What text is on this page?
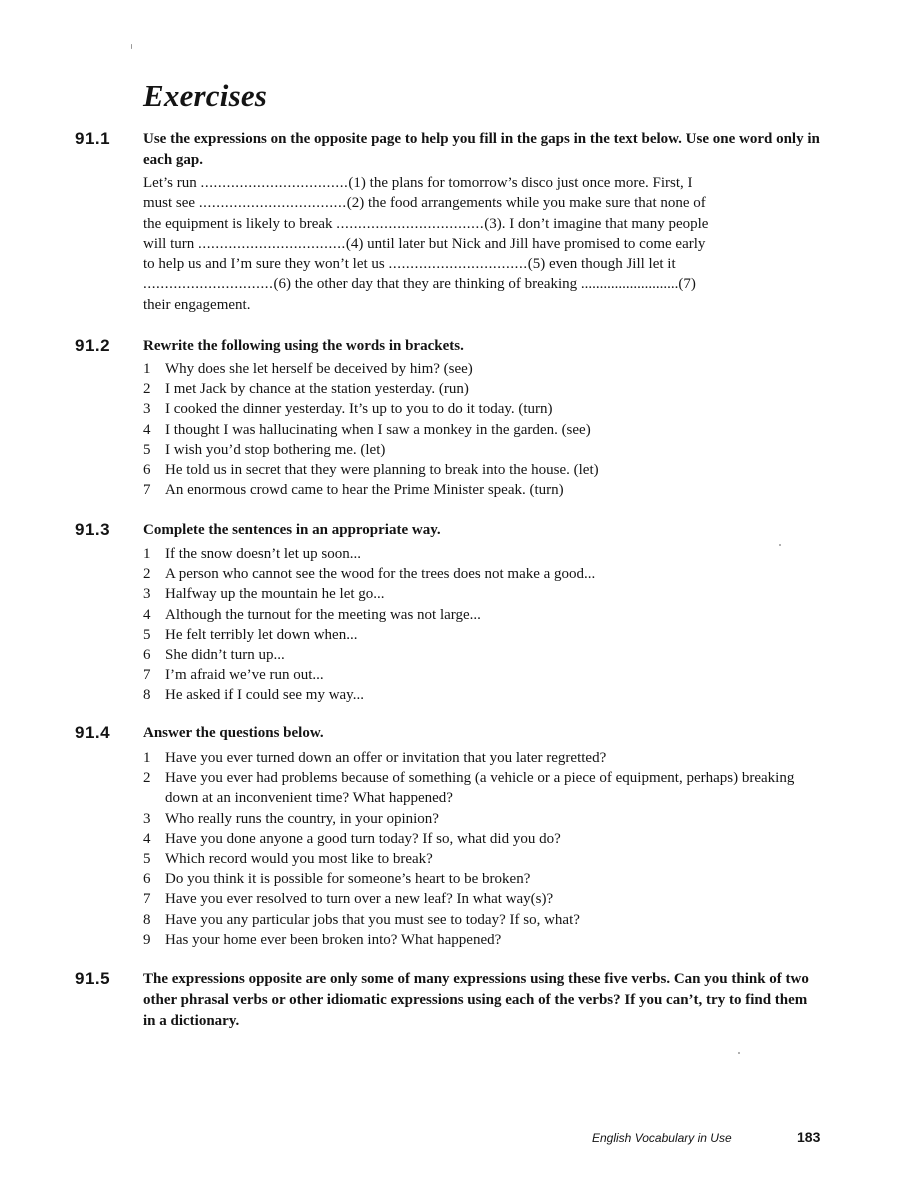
Exercises
91.1 Use the expressions on the opposite page to help you fill in the gaps in the text below. Use one word only in each gap.
Let’s run ..................................(1) the plans for tomorrow’s disco just once more. First, I
must see ..................................(2) the food arrangements while you make sure that none of
the equipment is likely to break ..................................(3). I don’t imagine that many people
will turn ..................................(4) until later but Nick and Jill have promised to come early
to help us and I’m sure they won’t let us ................................(5) even though Jill let it
..............................(6) the other day that they are thinking of breaking ..........................(7)
their engagement.
91.2 Rewrite the following using the words in brackets.
1 Why does she let herself be deceived by him? (see)
2 I met Jack by chance at the station yesterday. (run)
3 I cooked the dinner yesterday. It’s up to you to do it today. (turn)
4 I thought I was hallucinating when I saw a monkey in the garden. (see)
5 I wish you’d stop bothering me. (let)
6 He told us in secret that they were planning to break into the house. (let)
7 An enormous crowd came to hear the Prime Minister speak. (turn)
91.3 Complete the sentences in an appropriate way.
1 If the snow doesn’t let up soon...
2 A person who cannot see the wood for the trees does not make a good...
3 Halfway up the mountain he let go...
4 Although the turnout for the meeting was not large...
5 He felt terribly let down when...
6 She didn’t turn up...
7 I’m afraid we’ve run out...
8 He asked if I could see my way...
91.4 Answer the questions below.
1 Have you ever turned down an offer or invitation that you later regretted?
2 Have you ever had problems because of something (a vehicle or a piece of equipment, perhaps) breaking down at an inconvenient time? What happened?
3 Who really runs the country, in your opinion?
4 Have you done anyone a good turn today? If so, what did you do?
5 Which record would you most like to break?
6 Do you think it is possible for someone’s heart to be broken?
7 Have you ever resolved to turn over a new leaf? In what way(s)?
8 Have you any particular jobs that you must see to today? If so, what?
9 Has your home ever been broken into? What happened?
91.5 The expressions opposite are only some of many expressions using these five verbs. Can you think of two other phrasal verbs or other idiomatic expressions using each of the verbs? If you can’t, try to find them in a dictionary.
English Vocabulary in Use	183
